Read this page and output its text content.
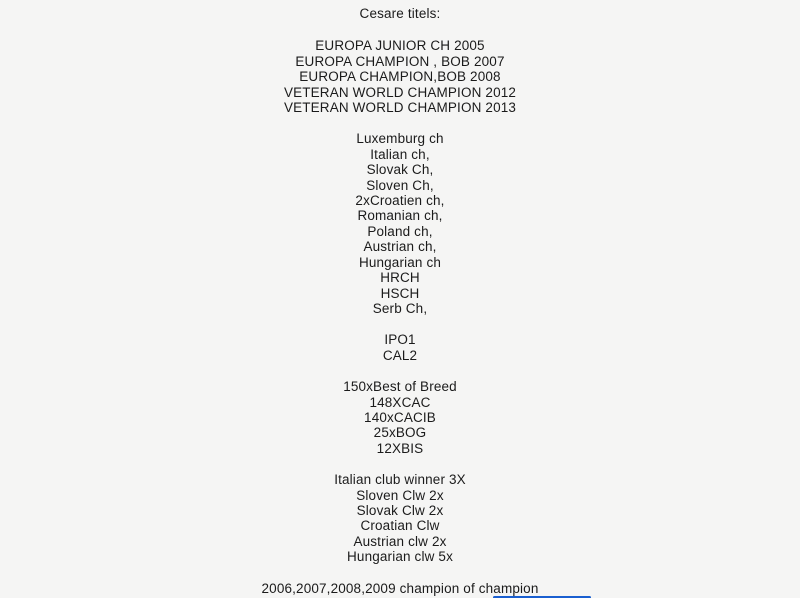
Cesare titels:
EUROPA JUNIOR CH 2005
EUROPA CHAMPION , BOB 2007
EUROPA CHAMPION,BOB 2008
VETERAN WORLD CHAMPION 2012
VETERAN WORLD CHAMPION 2013
Luxemburg ch
Italian ch,
Slovak Ch,
Sloven Ch,
2xCroatien ch,
Romanian ch,
Poland ch,
Austrian ch,
Hungarian ch
HRCH
HSCH
Serb Ch,
IPO1
CAL2
150xBest of Breed
148XCAC
140xCACIB
25xBOG
12XBIS
Italian club winner 3X
Sloven Clw 2x
Slovak Clw 2x
Croatian Clw
Austrian clw 2x
Hungarian clw 5x
2006,2007,2008,2009 champion of champion
